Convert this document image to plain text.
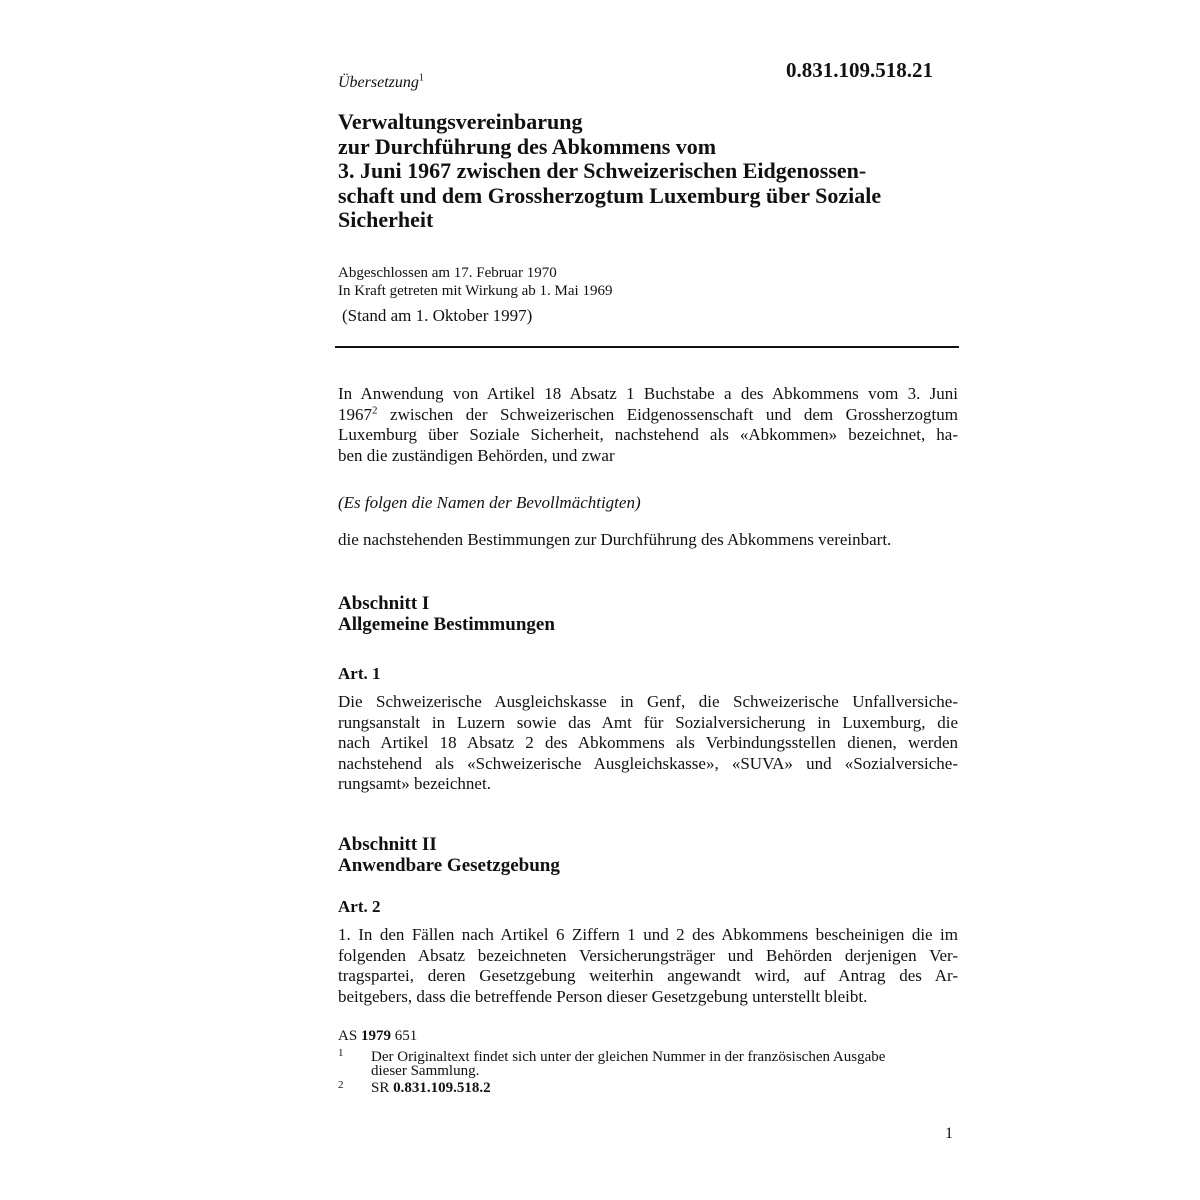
Übersetzung$^1$	0.831.109.518.21
Verwaltungsvereinbarung
zur Durchführung des Abkommens vom
3. Juni 1967 zwischen der Schweizerischen Eidgenossen-
schaft und dem Grossherzogtum Luxemburg über Soziale
Sicherheit
Abgeschlossen am 17. Februar 1970
In Kraft getreten mit Wirkung ab 1. Mai 1969
(Stand am 1. Oktober 1997)
In Anwendung von Artikel 18 Absatz 1 Buchstabe a des Abkommens vom 3. Juni
1967$^2$ zwischen der Schweizerischen Eidgenossenschaft und dem Grossherzogtum
Luxemburg über Soziale Sicherheit, nachstehend als «Abkommen» bezeichnet, ha-
ben die zuständigen Behörden, und zwar
(Es folgen die Namen der Bevollmächtigten)
die nachstehenden Bestimmungen zur Durchführung des Abkommens vereinbart.
Abschnitt I
Allgemeine Bestimmungen
Art. 1
Die Schweizerische Ausgleichskasse in Genf, die Schweizerische Unfallversiche-
rungsanstalt in Luzern sowie das Amt für Sozialversicherung in Luxemburg, die
nach Artikel 18 Absatz 2 des Abkommens als Verbindungsstellen dienen, werden
nachstehend als «Schweizerische Ausgleichskasse», «SUVA» und «Sozialversiche-
rungsamt» bezeichnet.
Abschnitt II
Anwendbare Gesetzgebung
Art. 2
1. In den Fällen nach Artikel 6 Ziffern 1 und 2 des Abkommens bescheinigen die im
folgenden Absatz bezeichneten Versicherungsträger und Behörden derjenigen Ver-
tragspartei, deren Gesetzgebung weiterhin angewandt wird, auf Antrag des Ar-
beitgebers, dass die betreffende Person dieser Gesetzgebung unterstellt bleibt.
AS 1979 651
1 Der Originaltext findet sich unter der gleichen Nummer in der französischen Ausgabe
dieser Sammlung.
2 SR 0.831.109.518.2
1
